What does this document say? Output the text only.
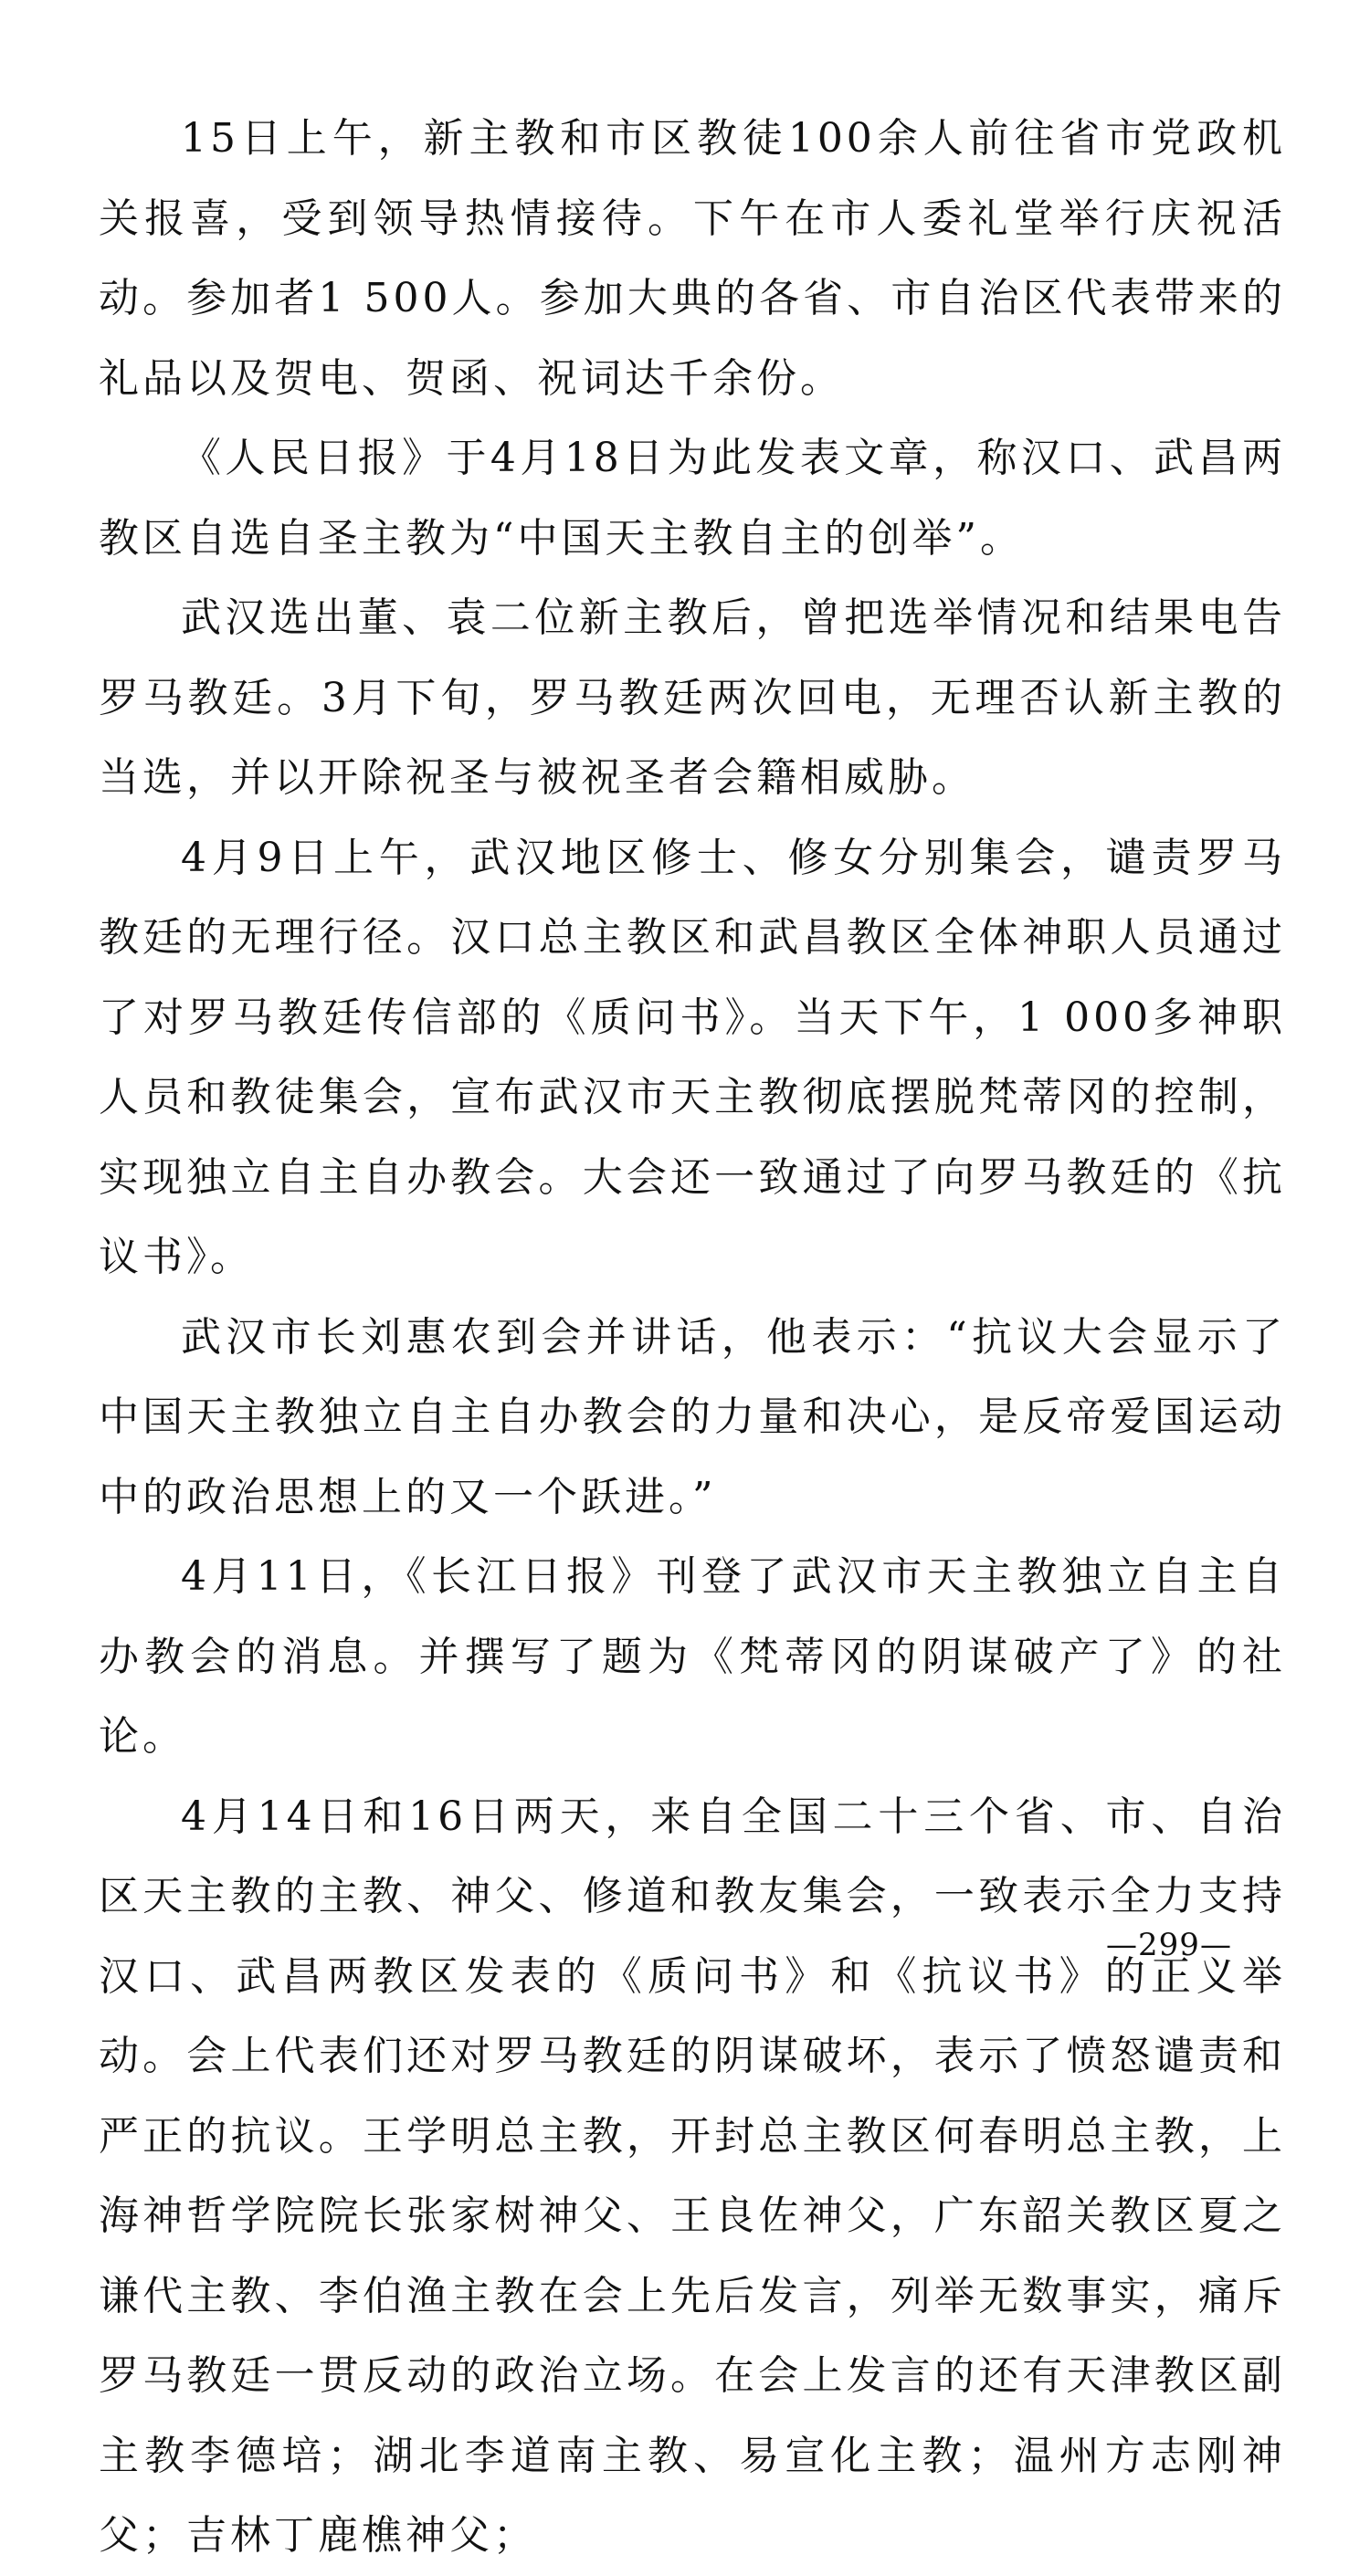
15日上午，新主教和市区教徒100余人前往省市党政机关报喜，受到领导热情接待。下午在市人委礼堂举行庆祝活动。参加者1 500人。参加大典的各省、市自治区代表带来的礼品以及贺电、贺函、祝词达千余份。

《人民日报》于4月18日为此发表文章，称汉口、武昌两教区自选自圣主教为“中国天主教自主的创举”。

武汉选出董、袁二位新主教后，曾把选举情况和结果电告罗马教廷。3月下旬，罗马教廷两次回电，无理否认新主教的当选，并以开除祝圣与被祝圣者会籍相威胁。

4月9日上午，武汉地区修士、修女分别集会，谴责罗马教廷的无理行径。汉口总主教区和武昌教区全体神职人员通过了对罗马教廷传信部的《质问书》。当天下午，1 000多神职人员和教徒集会，宣布武汉市天主教彻底摆脱梵蒂冈的控制，实现独立自主自办教会。大会还一致通过了向罗马教廷的《抗议书》。

武汉市长刘惠农到会并讲话，他表示：“抗议大会显示了中国天主教独立自主自办教会的力量和决心，是反帝爱国运动中的政治思想上的又一个跃进。”

4月11日，《长江日报》刊登了武汉市天主教独立自主自办教会的消息。并撰写了题为《梵蒂冈的阴谋破产了》的社论。

4月14日和16日两天，来自全国二十三个省、市、自治区天主教的主教、神父、修道和教友集会，一致表示全力支持汉口、武昌两教区发表的《质问书》和《抗议书》的正义举动。会上代表们还对罗马教廷的阴谋破坏，表示了愤怒谴责和严正的抗议。王学明总主教，开封总主教区何春明总主教，上海神哲学院院长张家树神父、王良佐神父，广东韶关教区夏之谦代主教、李伯渔主教在会上先后发言，列举无数事实，痛斥罗马教廷一贯反动的政治立场。在会上发言的还有天津教区副主教李德培；湖北李道南主教、易宣化主教；温州方志刚神父；吉林丁鹿樵神父；

—299—
